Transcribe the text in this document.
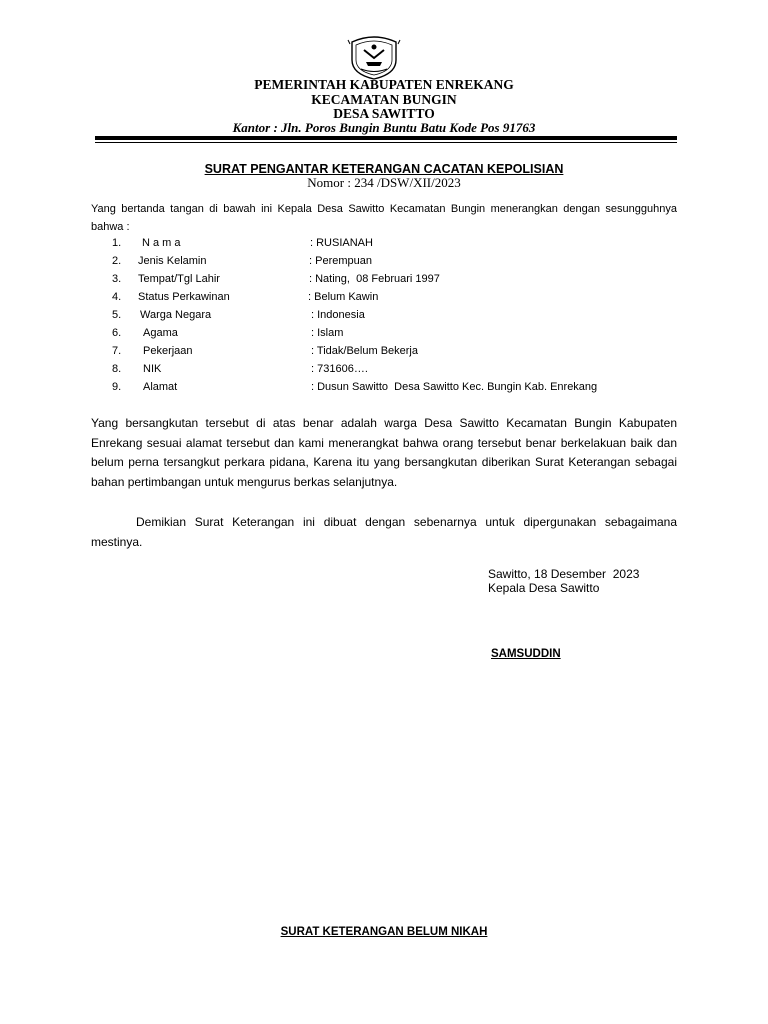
PEMERINTAH KABUPATEN ENREKANG
KECAMATAN BUNGIN
DESA SAWITTO
Kantor : Jln. Poros Bungin Buntu Batu Kode Pos 91763
SURAT PENGANTAR KETERANGAN CACATAN KEPOLISIAN
Nomor : 234 /DSW/XII/2023
Yang bertanda tangan di bawah ini Kepala Desa Sawitto Kecamatan Bungin menerangkan dengan sesungguhnya bahwa :
1. N a m a	: RUSIANAH
2. Jenis Kelamin	: Perempuan
3. Tempat/Tgl Lahir	: Nating,  08 Februari 1997
4. Status Perkawinan	: Belum Kawin
5. Warga Negara	: Indonesia
6. Agama	: Islam
7. Pekerjaan	: Tidak/Belum Bekerja
8. NIK	: 731606….
9. Alamat	: Dusun Sawitto  Desa Sawitto Kec. Bungin Kab. Enrekang
Yang bersangkutan tersebut di atas benar adalah warga Desa Sawitto Kecamatan Bungin Kabupaten Enrekang sesuai alamat tersebut dan kami menerangkat bahwa orang tersebut benar berkelakuan baik dan belum perna tersangkut perkara pidana, Karena itu yang bersangkutan diberikan Surat Keterangan sebagai bahan pertimbangan untuk mengurus berkas selanjutnya.
Demikian Surat Keterangan ini dibuat dengan sebenarnya untuk dipergunakan sebagaimana mestinya.
Sawitto, 18 Desember  2023
Kepala Desa Sawitto
SAMSUDDIN
SURAT KETERANGAN BELUM NIKAH
